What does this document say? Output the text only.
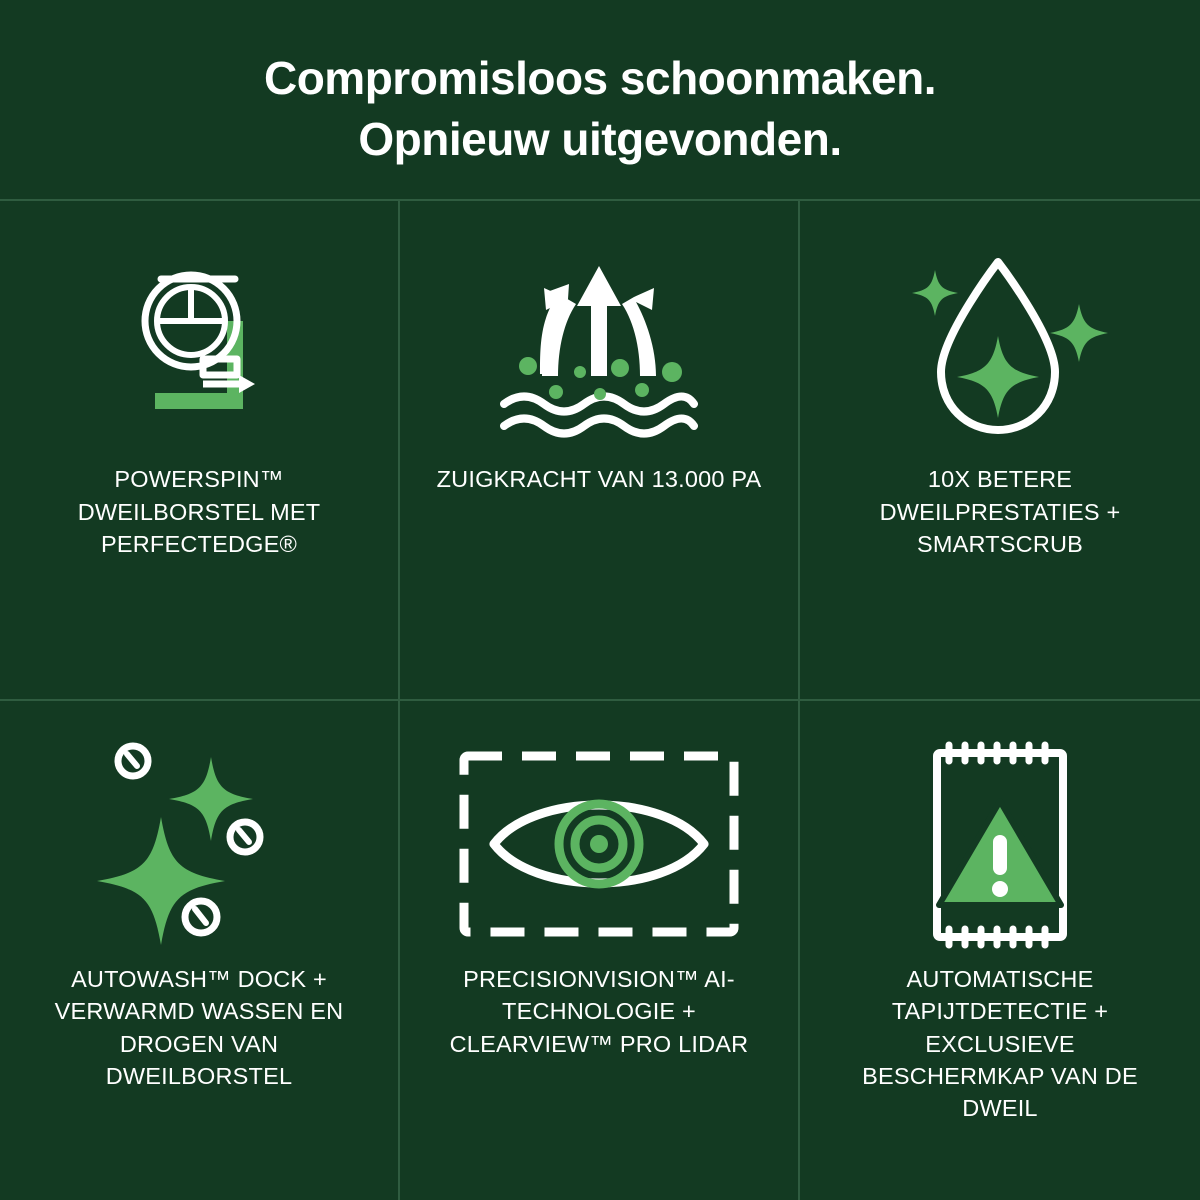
Compromisloos schoonmaken.
Opnieuw uitgevonden.
POWERSPIN™ DWEILBORSTEL MET PERFECTEDGE®
ZUIGKRACHT VAN 13.000 PA	10X BETERE DWEILPRESTATIES + SMARTSCRUB
AUTOWASH™ DOCK + VERWARMD WASSEN EN DROGEN VAN DWEILBORSTEL
PRECISIONVISION™ AI-TECHNOLOGIE + CLEARVIEW™ PRO LIDAR
AUTOMATISCHE TAPIJTDETECTIE + EXCLUSIEVE BESCHERMKAP VAN DE DWEIL
